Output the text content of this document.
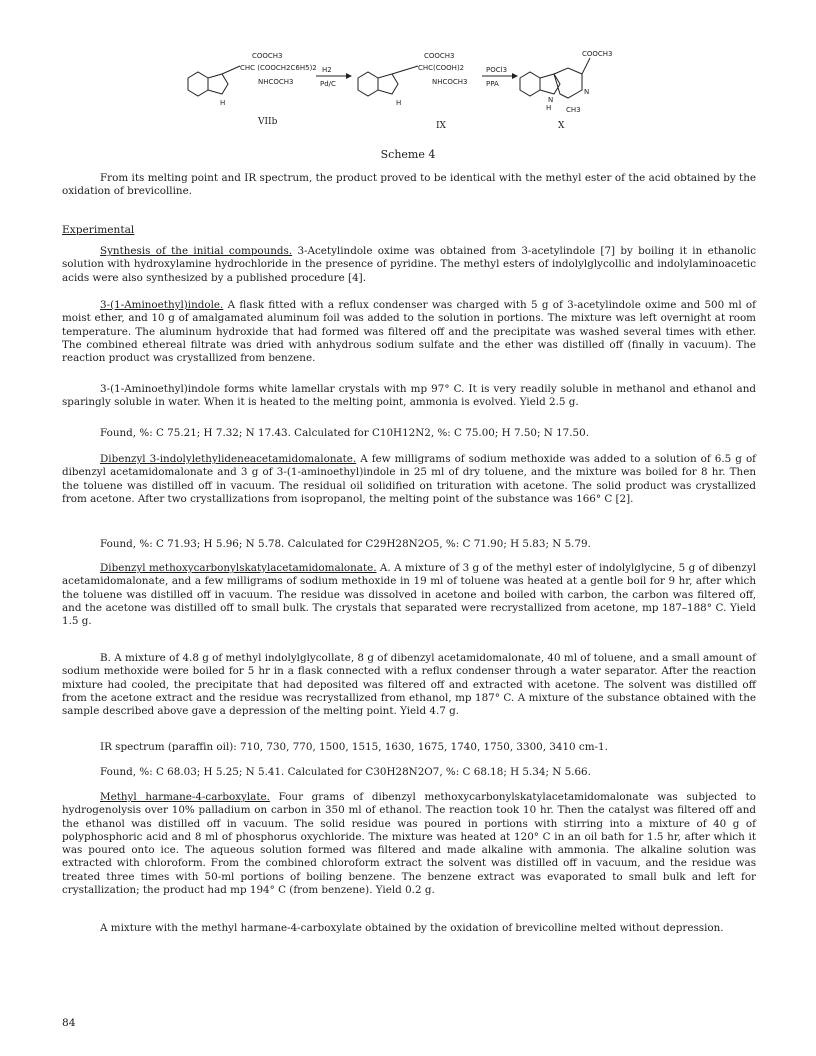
H
COOCH3
CHC (COOCH2C6H5)2
NHCOCH3
VIIb
H2
Pd/C
H
COOCH3
CHC(COOH)2
NHCOCH3
IX
POCl3
PPA
COOCH3
N
N
H CH3
X
Scheme 4
From its melting point and IR spectrum, the product proved to be identical with the methyl ester of the acid obtained by the oxidation of brevicolline.
Experimental
Synthesis of the initial compounds. 3-Acetylindole oxime was obtained from 3-acetylindole [7] by boiling it in ethanolic solution with hydroxylamine hydrochloride in the presence of pyridine. The methyl esters of indolylglycollic and indolylaminoacetic acids were also synthesized by a published procedure [4].
3-(1-Aminoethyl)indole. A flask fitted with a reflux condenser was charged with 5 g of 3-acetylindole oxime and 500 ml of moist ether, and 10 g of amalgamated aluminum foil was added to the solution in portions. The mixture was left overnight at room temperature. The aluminum hydroxide that had formed was filtered off and the precipitate was washed several times with ether. The combined ethereal filtrate was dried with anhydrous sodium sulfate and the ether was distilled off (finally in vacuum). The reaction product was crystallized from benzene.
3-(1-Aminoethyl)indole forms white lamellar crystals with mp 97° C. It is very readily soluble in methanol and ethanol and sparingly soluble in water. When it is heated to the melting point, ammonia is evolved. Yield 2.5 g.
Found, %: C 75.21; H 7.32; N 17.43. Calculated for C10H12N2, %: C 75.00; H 7.50; N 17.50.
Dibenzyl 3-indolylethylideneacetamidomalonate. A few milligrams of sodium methoxide was added to a solution of 6.5 g of dibenzyl acetamidomalonate and 3 g of 3-(1-aminoethyl)indole in 25 ml of dry toluene, and the mixture was boiled for 8 hr. Then the toluene was distilled off in vacuum. The residual oil solidified on trituration with acetone. The solid product was crystallized from acetone. After two crystallizations from isopropanol, the melting point of the substance was 166° C [2].
Found, %: C 71.93; H 5.96; N 5.78. Calculated for C29H28N2O5, %: C 71.90; H 5.83; N 5.79.
Dibenzyl methoxycarbonylskatylacetamidomalonate. A. A mixture of 3 g of the methyl ester of indolylglycine, 5 g of dibenzyl acetamidomalonate, and a few milligrams of sodium methoxide in 19 ml of toluene was heated at a gentle boil for 9 hr, after which the toluene was distilled off in vacuum. The residue was dissolved in acetone and boiled with carbon, the carbon was filtered off, and the acetone was distilled off to small bulk. The crystals that separated were recrystallized from acetone, mp 187–188° C. Yield 1.5 g.
B. A mixture of 4.8 g of methyl indolylglycollate, 8 g of dibenzyl acetamidomalonate, 40 ml of toluene, and a small amount of sodium methoxide were boiled for 5 hr in a flask connected with a reflux condenser through a water separator. After the reaction mixture had cooled, the precipitate that had deposited was filtered off and extracted with acetone. The solvent was distilled off from the acetone extract and the residue was recrystallized from ethanol, mp 187° C. A mixture of the substance obtained with the sample described above gave a depression of the melting point. Yield 4.7 g.
IR spectrum (paraffin oil): 710, 730, 770, 1500, 1515, 1630, 1675, 1740, 1750, 3300, 3410 cm-1.
Found, %: C 68.03; H 5.25; N 5.41. Calculated for C30H28N2O7, %: C 68.18; H 5.34; N 5.66.
Methyl harmane-4-carboxylate. Four grams of dibenzyl methoxycarbonylskatylacetamidomalonate was subjected to hydrogenolysis over 10% palladium on carbon in 350 ml of ethanol. The reaction took 10 hr. Then the catalyst was filtered off and the ethanol was distilled off in vacuum. The solid residue was poured in portions with stirring into a mixture of 40 g of polyphosphoric acid and 8 ml of phosphorus oxychloride. The mixture was heated at 120° C in an oil bath for 1.5 hr, after which it was poured onto ice. The aqueous solution formed was filtered and made alkaline with ammonia. The alkaline solution was extracted with chloroform. From the combined chloroform extract the solvent was distilled off in vacuum, and the residue was treated three times with 50-ml portions of boiling benzene. The benzene extract was evaporated to small bulk and left for crystallization; the product had mp 194° C (from benzene). Yield 0.2 g.
A mixture with the methyl harmane-4-carboxylate obtained by the oxidation of brevicolline melted without depression.
84
